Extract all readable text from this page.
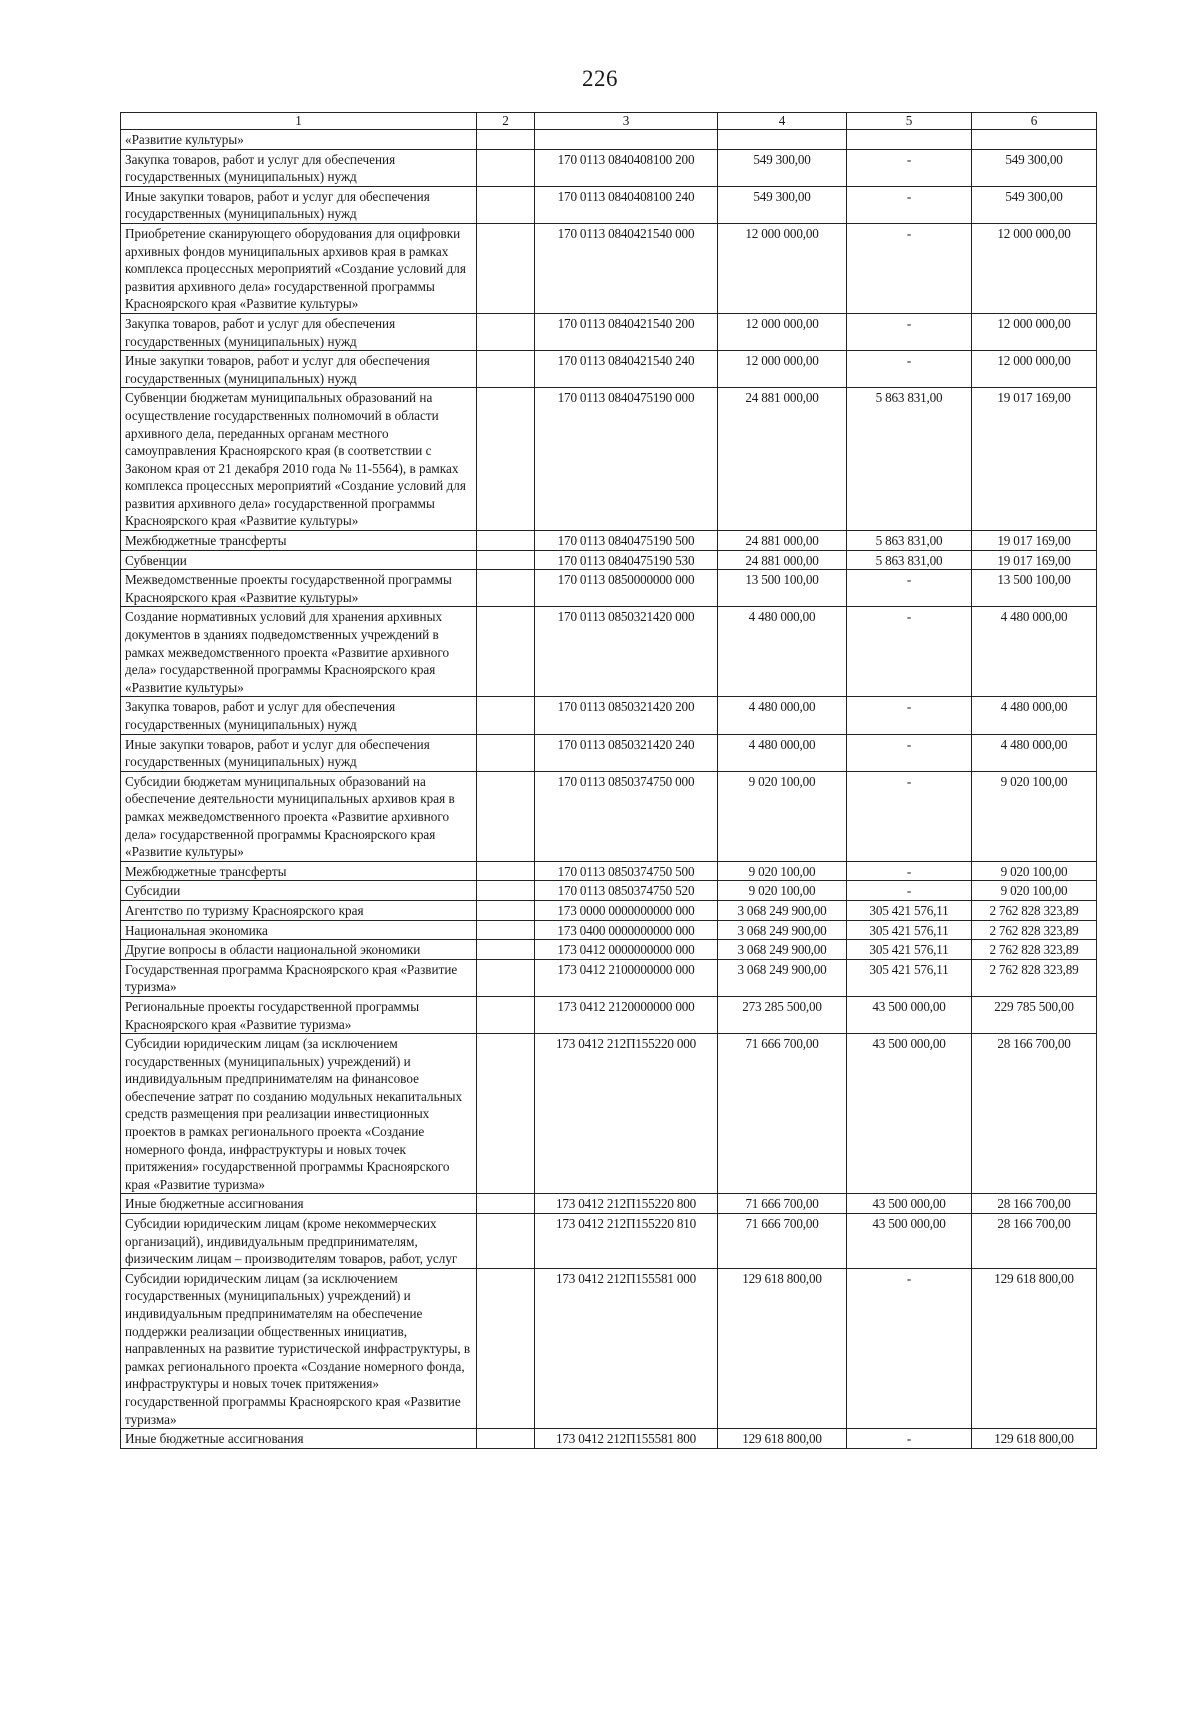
226
1	2	3	4	5	6
«Развитие культуры»					
Закупка товаров, работ и услуг для обеспечения государственных (муниципальных) нужд		170 0113 0840408100 200	549 300,00	-	549 300,00
Иные закупки товаров, работ и услуг для обеспечения государственных (муниципальных) нужд		170 0113 0840408100 240	549 300,00	-	549 300,00
Приобретение сканирующего оборудования для оцифровки архивных фондов муниципальных архивов края в рамках комплекса процессных мероприятий «Создание условий для развития архивного дела» государственной программы Красноярского края «Развитие культуры»		170 0113 0840421540 000	12 000 000,00	-	12 000 000,00
Закупка товаров, работ и услуг для обеспечения государственных (муниципальных) нужд		170 0113 0840421540 200	12 000 000,00	-	12 000 000,00
Иные закупки товаров, работ и услуг для обеспечения государственных (муниципальных) нужд		170 0113 0840421540 240	12 000 000,00	-	12 000 000,00
Субвенции бюджетам муниципальных образований на осуществление государственных полномочий в области архивного дела, переданных органам местного самоуправления Красноярского края (в соответствии с Законом края от 21 декабря 2010 года № 11-5564), в рамках комплекса процессных мероприятий «Создание условий для развития архивного дела» государственной программы Красноярского края «Развитие культуры»		170 0113 0840475190 000	24 881 000,00	5 863 831,00	19 017 169,00
Межбюджетные трансферты		170 0113 0840475190 500	24 881 000,00	5 863 831,00	19 017 169,00
Субвенции		170 0113 0840475190 530	24 881 000,00	5 863 831,00	19 017 169,00
Межведомственные проекты государственной программы Красноярского края «Развитие культуры»		170 0113 0850000000 000	13 500 100,00	-	13 500 100,00
Создание нормативных условий для хранения архивных документов в зданиях подведомственных учреждений в рамках межведомственного проекта «Развитие архивного дела» государственной программы Красноярского края «Развитие культуры»		170 0113 0850321420 000	4 480 000,00	-	4 480 000,00
Закупка товаров, работ и услуг для обеспечения государственных (муниципальных) нужд		170 0113 0850321420 200	4 480 000,00	-	4 480 000,00
Иные закупки товаров, работ и услуг для обеспечения государственных (муниципальных) нужд		170 0113 0850321420 240	4 480 000,00	-	4 480 000,00
Субсидии бюджетам муниципальных образований на обеспечение деятельности муниципальных архивов края в рамках межведомственного проекта «Развитие архивного дела» государственной программы Красноярского края «Развитие культуры»		170 0113 0850374750 000	9 020 100,00	-	9 020 100,00
Межбюджетные трансферты		170 0113 0850374750 500	9 020 100,00	-	9 020 100,00
Субсидии		170 0113 0850374750 520	9 020 100,00	-	9 020 100,00
Агентство по туризму Красноярского края		173 0000 0000000000 000	3 068 249 900,00	305 421 576,11	2 762 828 323,89
Национальная экономика		173 0400 0000000000 000	3 068 249 900,00	305 421 576,11	2 762 828 323,89
Другие вопросы в области национальной экономики		173 0412 0000000000 000	3 068 249 900,00	305 421 576,11	2 762 828 323,89
Государственная программа Красноярского края «Развитие туризма»		173 0412 2100000000 000	3 068 249 900,00	305 421 576,11	2 762 828 323,89
Региональные проекты государственной программы Красноярского края «Развитие туризма»		173 0412 2120000000 000	273 285 500,00	43 500 000,00	229 785 500,00
Субсидии юридическим лицам (за исключением государственных (муниципальных) учреждений) и индивидуальным предпринимателям на финансовое обеспечение затрат по созданию модульных некапитальных средств размещения при реализации инвестиционных проектов в рамках регионального проекта «Создание номерного фонда, инфраструктуры и новых точек притяжения» государственной программы Красноярского края «Развитие туризма»		173 0412 212П155220 000	71 666 700,00	43 500 000,00	28 166 700,00
Иные бюджетные ассигнования		173 0412 212П155220 800	71 666 700,00	43 500 000,00	28 166 700,00
Субсидии юридическим лицам (кроме некоммерческих организаций), индивидуальным предпринимателям, физическим лицам – производителям товаров, работ, услуг		173 0412 212П155220 810	71 666 700,00	43 500 000,00	28 166 700,00
Субсидии юридическим лицам (за исключением государственных (муниципальных) учреждений) и индивидуальным предпринимателям на обеспечение поддержки реализации общественных инициатив, направленных на развитие туристической инфраструктуры, в рамках регионального проекта «Создание номерного фонда, инфраструктуры и новых точек притяжения» государственной программы Красноярского края «Развитие туризма»		173 0412 212П155581 000	129 618 800,00	-	129 618 800,00
Иные бюджетные ассигнования		173 0412 212П155581 800	129 618 800,00	-	129 618 800,00
